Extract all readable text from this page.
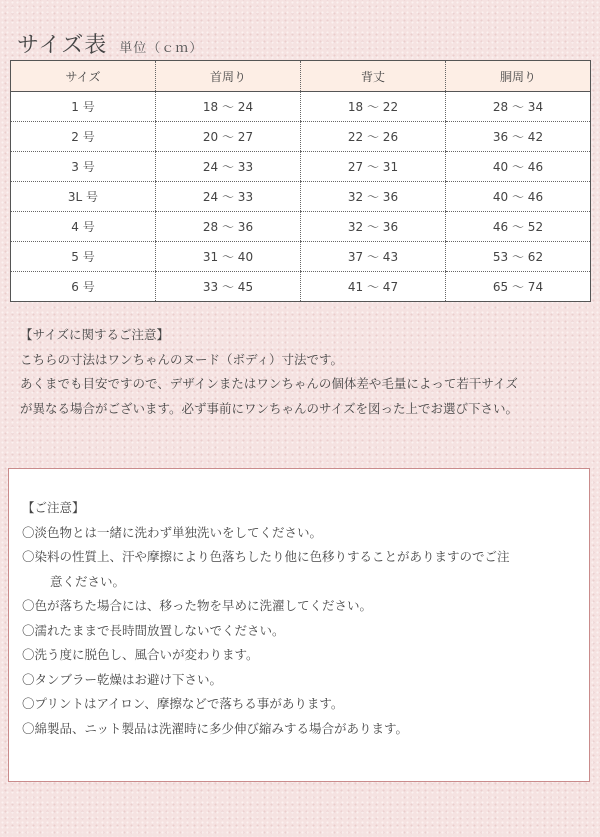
サイズ表 単位（ｃｍ）
サイズ	首周り	背丈	胴周り
1 号	18 〜 24	18 〜 22	28 〜 34
2 号	20 〜 27	22 〜 26	36 〜 42
3 号	24 〜 33	27 〜 31	40 〜 46
3L 号	24 〜 33	32 〜 36	40 〜 46
4 号	28 〜 36	32 〜 36	46 〜 52
5 号	31 〜 40	37 〜 43	53 〜 62
6 号	33 〜 45	41 〜 47	65 〜 74

【サイズに関するご注意】

こちらの寸法はワンちゃんのヌード（ボディ）寸法です。

あくまでも目安ですので、デザインまたはワンちゃんの個体差や毛量によって若干サイズ

が異なる場合がございます。必ず事前にワンちゃんのサイズを図った上でお選び下さい。

【ご注意】

〇淡色物とは一緒に洗わず単独洗いをしてください。

〇染料の性質上、汗や摩擦により色落ちしたり他に色移りすることがありますのでご注

意ください。

〇色が落ちた場合には、移った物を早めに洗濯してください。

〇濡れたままで長時間放置しないでください。

〇洗う度に脱色し、風合いが変わります。

〇タンブラー乾燥はお避け下さい。

〇プリントはアイロン、摩擦などで落ちる事があります。

〇綿製品、ニット製品は洗濯時に多少伸び縮みする場合があります。
